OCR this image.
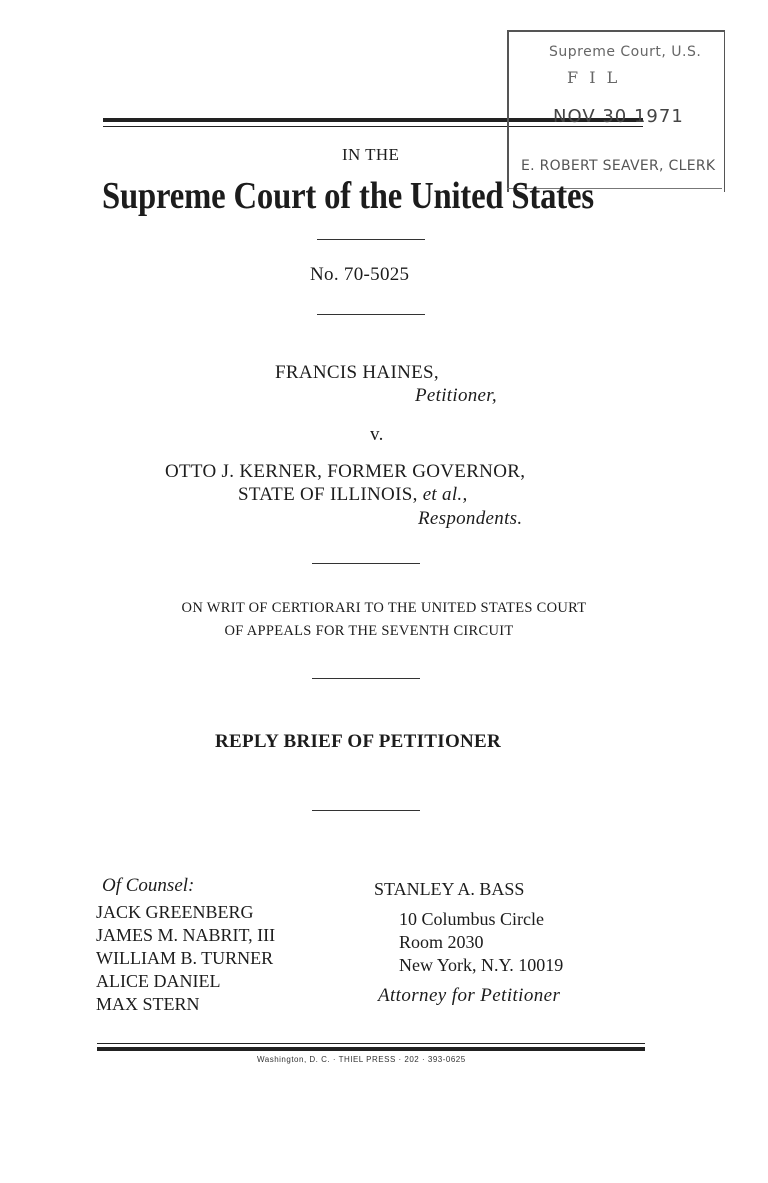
Supreme Court, U.S.
F I L
NOV 30 1971
E. ROBERT SEAVER, CLERK
IN THE
Supreme Court of the United States
No. 70-5025
FRANCIS HAINES,
Petitioner,
v.
OTTO J. KERNER, FORMER GOVERNOR,
STATE OF ILLINOIS, et al.,
Respondents.
ON WRIT OF CERTIORARI TO THE UNITED STATES COURT
OF APPEALS FOR THE SEVENTH CIRCUIT
REPLY BRIEF OF PETITIONER
Of Counsel:
JACK GREENBERG
JAMES M. NABRIT, III
WILLIAM B. TURNER
ALICE DANIEL
MAX STERN
STANLEY A. BASS
10 Columbus Circle
Room 2030
New York, N.Y. 10019
Attorney for Petitioner
Washington, D. C. · THIEL PRESS · 202 · 393-0625
